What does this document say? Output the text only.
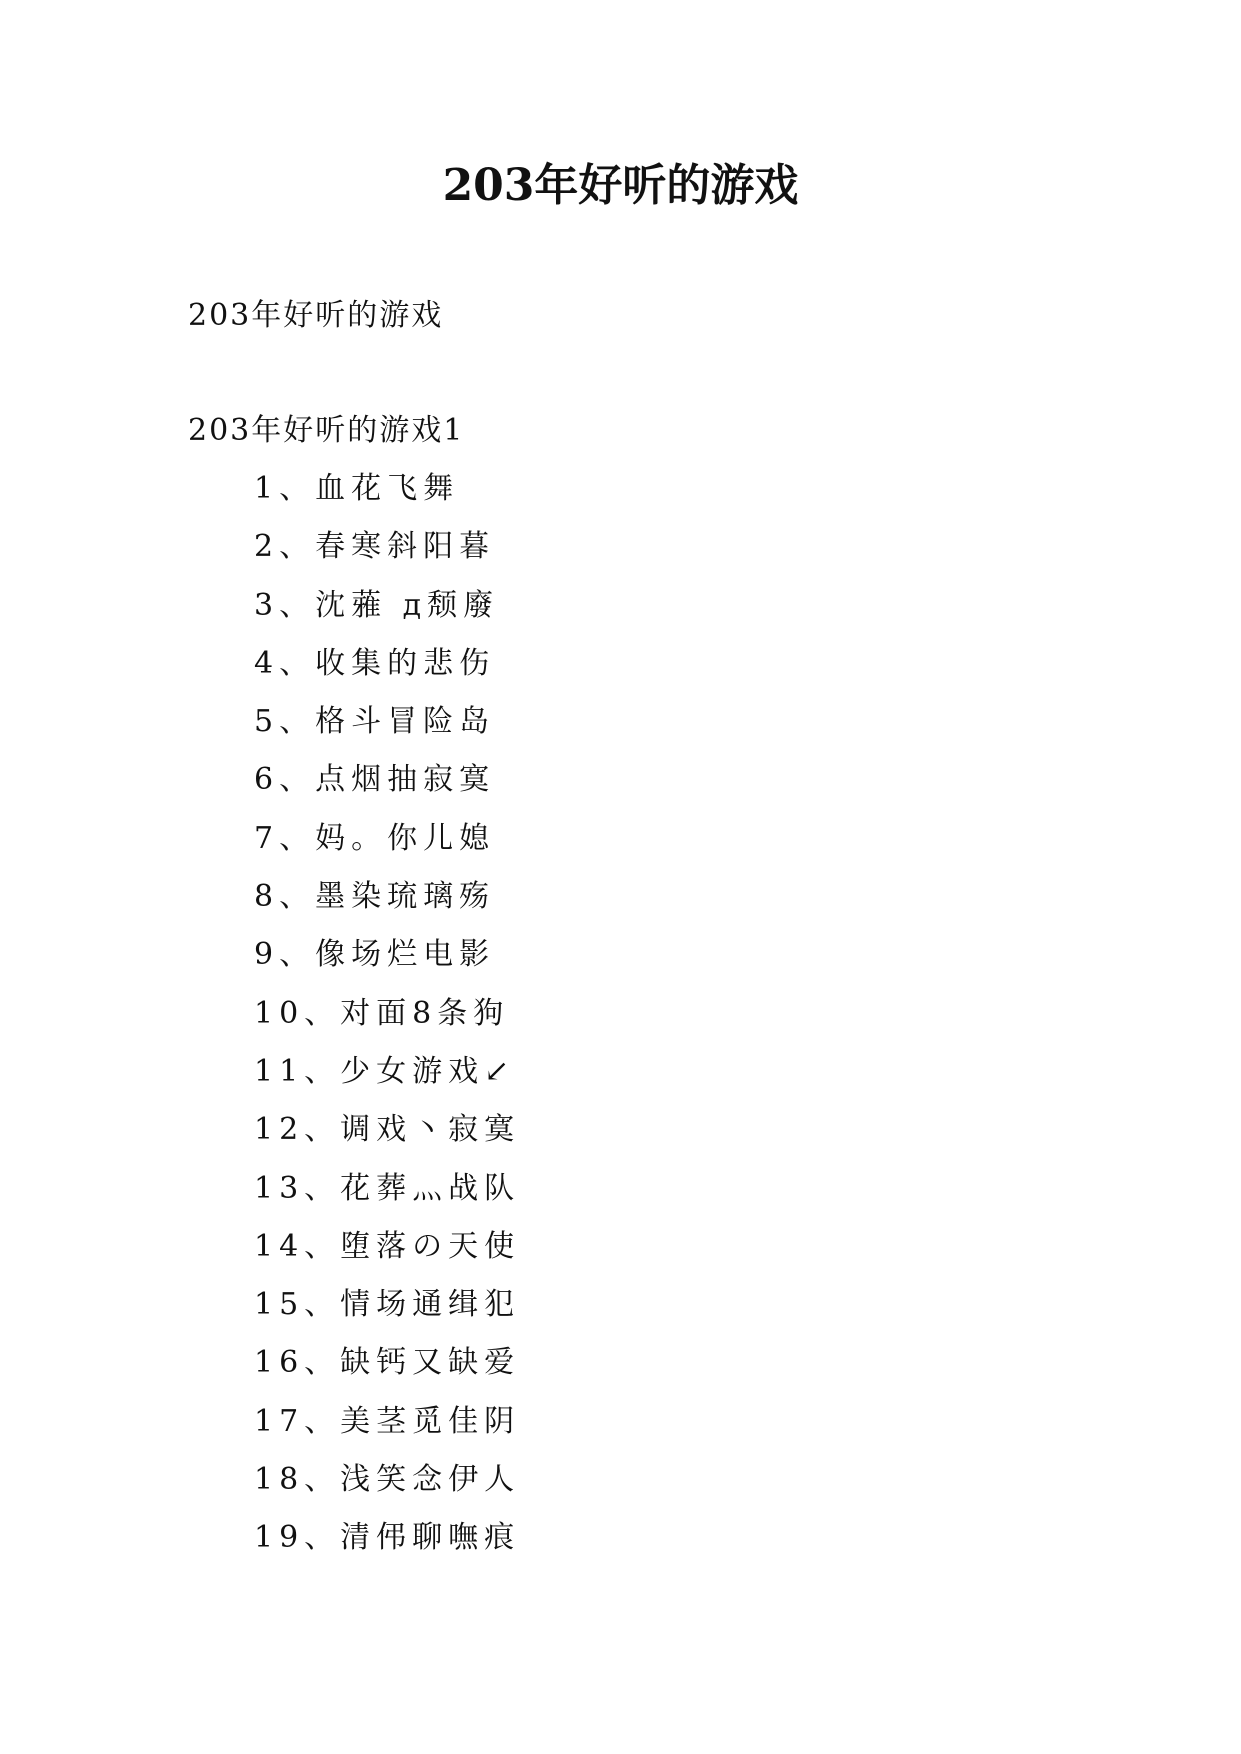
203年好听的游戏
203年好听的游戏
203年好听的游戏1
1、血花飞舞
2、春寒斜阳暮
3、沈蕥 д颓廢
4、收集的悲伤
5、格斗冒险岛
6、点烟抽寂寞
7、妈。你儿媳
8、墨染琉璃殇
9、像场烂电影
10、对面8条狗
11、少女游戏↙
12、调戏丶寂寞
13、花葬灬战队
14、堕落の天使
15、情场通缉犯
16、缺钙又缺爱
17、美茎觅佳阴
18、浅笑念伊人
19、清伄聊嘸痕
